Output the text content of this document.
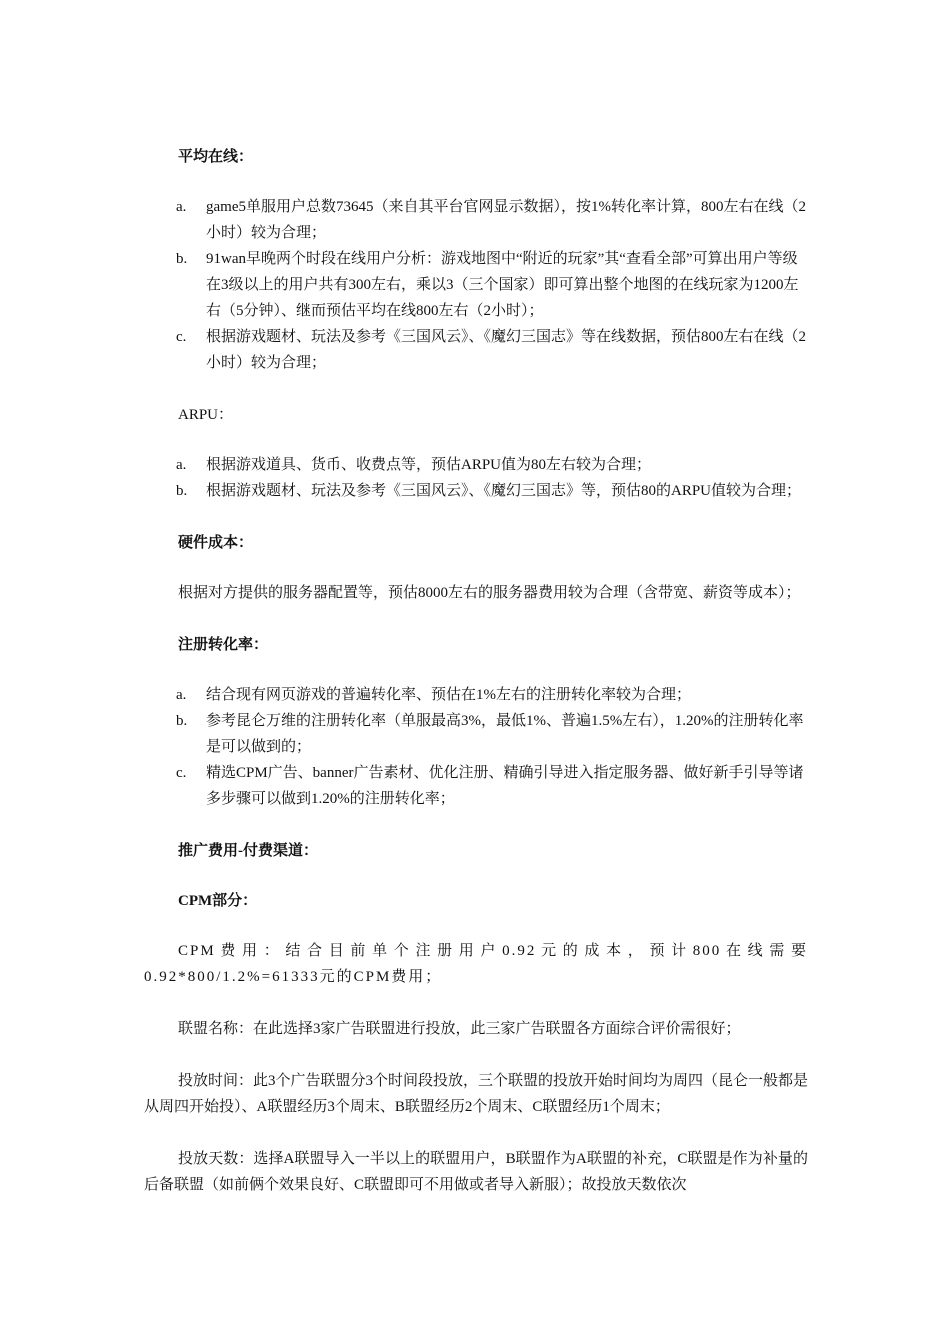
平均在线：
a. game5单服用户总数73645（来自其平台官网显示数据），按1%转化率计算，800左右在线（2小时）较为合理；
b. 91wan早晚两个时段在线用户分析：游戏地图中“附近的玩家”其“查看全部”可算出用户等级在3级以上的用户共有300左右，乘以3（三个国家）即可算出整个地图的在线玩家为1200左右（5分钟）、继而预估平均在线800左右（2小时）；
c. 根据游戏题材、玩法及参考《三国风云》、《魔幻三国志》等在线数据，预估800左右在线（2小时）较为合理；
ARPU：
a. 根据游戏道具、货币、收费点等，预估ARPU值为80左右较为合理；
b. 根据游戏题材、玩法及参考《三国风云》、《魔幻三国志》等，预估80的ARPU值较为合理；
硬件成本：

根据对方提供的服务器配置等，预估8000左右的服务器费用较为合理（含带宽、薪资等成本）；

注册转化率：
a. 结合现有网页游戏的普遍转化率、预估在1%左右的注册转化率较为合理；
b. 参考昆仑万维的注册转化率（单服最高3%，最低1%、普遍1.5%左右），1.20%的注册转化率是可以做到的；
c. 精选CPM广告、banner广告素材、优化注册、精确引导进入指定服务器、做好新手引导等诸多步骤可以做到1.20%的注册转化率；
推广费用-付费渠道：
CPM部分：

CPM费用：结合目前单个注册用户0.92元的成本，预计800在线需要0.92*800/1.2%=61333元的CPM费用；

联盟名称：在此选择3家广告联盟进行投放，此三家广告联盟各方面综合评价需很好；

投放时间：此3个广告联盟分3个时间段投放，三个联盟的投放开始时间均为周四（昆仑一般都是从周四开始投）、A联盟经历3个周末、B联盟经历2个周末、C联盟经历1个周末；

投放天数：选择A联盟导入一半以上的联盟用户，B联盟作为A联盟的补充，C联盟是作为补量的后备联盟（如前俩个效果良好、C联盟即可不用做或者导入新服）；故投放天数依次
